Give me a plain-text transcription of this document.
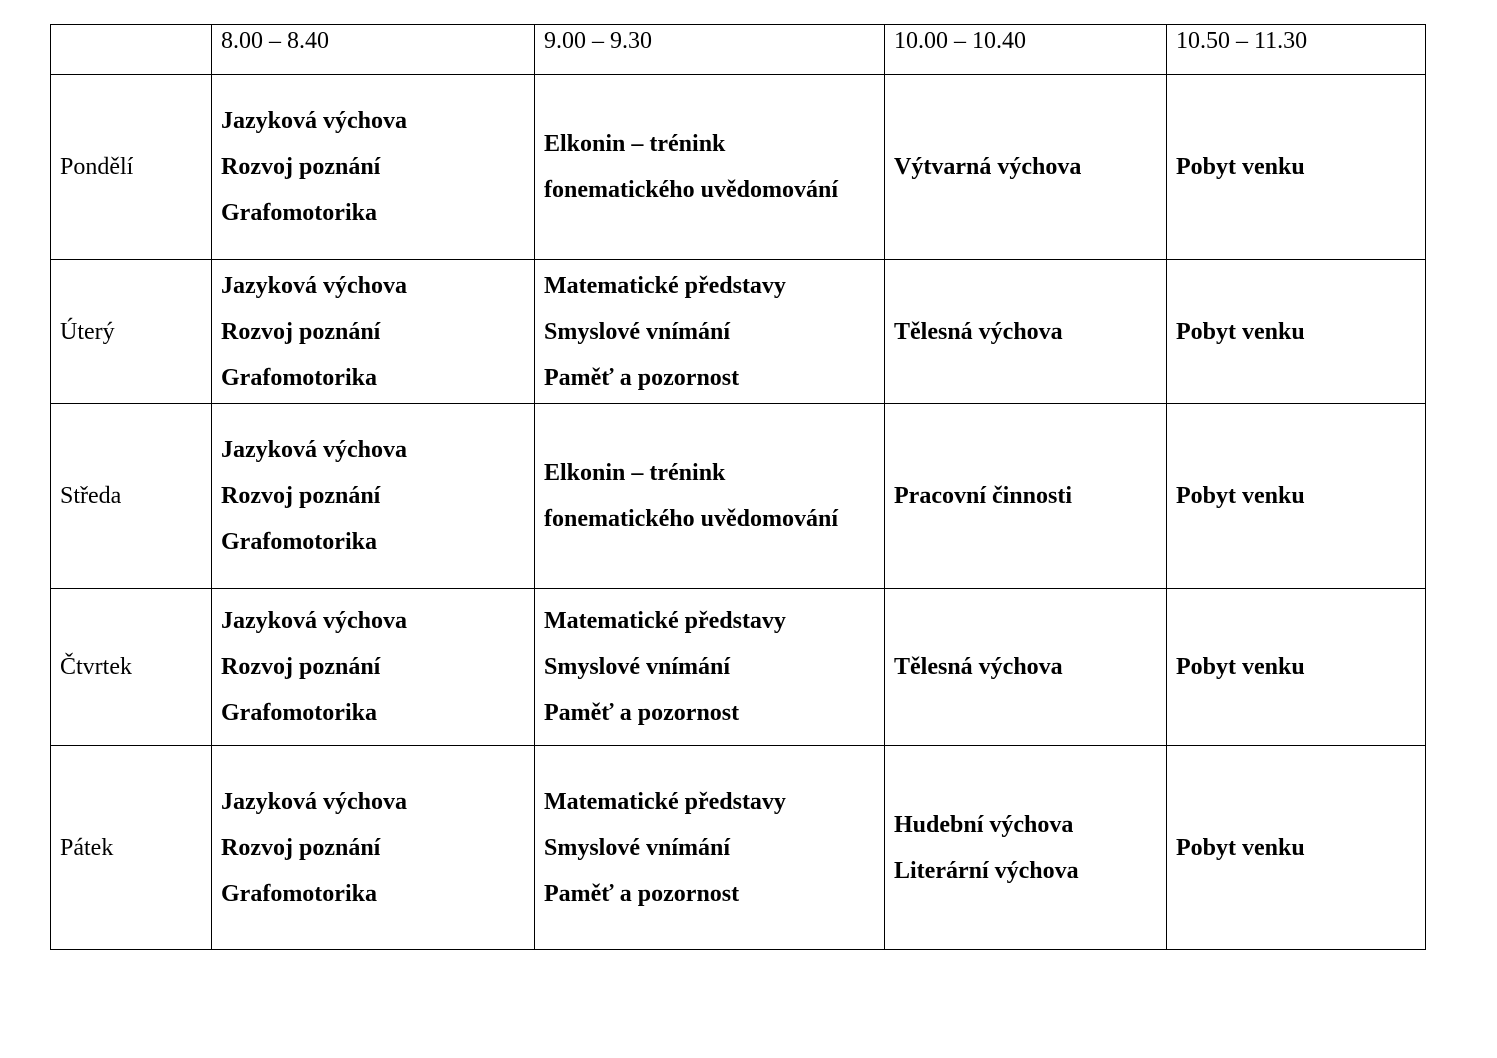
	8.00 – 8.40	9.00 – 9.30	10.00 – 10.40	10.50 – 11.30

Pondělí	Jazyková výchova
Rozvoj poznání
Grafomotorika	Elkonin – trénink
fonematického uvědomování	Výtvarná výchova	Pobyt venku

Úterý	Jazyková výchova
Rozvoj poznání
Grafomotorika	Matematické představy
Smyslové vnímání
Paměť a pozornost	Tělesná výchova	Pobyt venku

Středa	Jazyková výchova
Rozvoj poznání
Grafomotorika	Elkonin – trénink
fonematického uvědomování	Pracovní činnosti	Pobyt venku

Čtvrtek	Jazyková výchova
Rozvoj poznání
Grafomotorika	Matematické představy
Smyslové vnímání
Paměť a pozornost	Tělesná výchova	Pobyt venku

Pátek	Jazyková výchova
Rozvoj poznání
Grafomotorika	Matematické představy
Smyslové vnímání
Paměť a pozornost	Hudební výchova
Literární výchova	Pobyt venku
